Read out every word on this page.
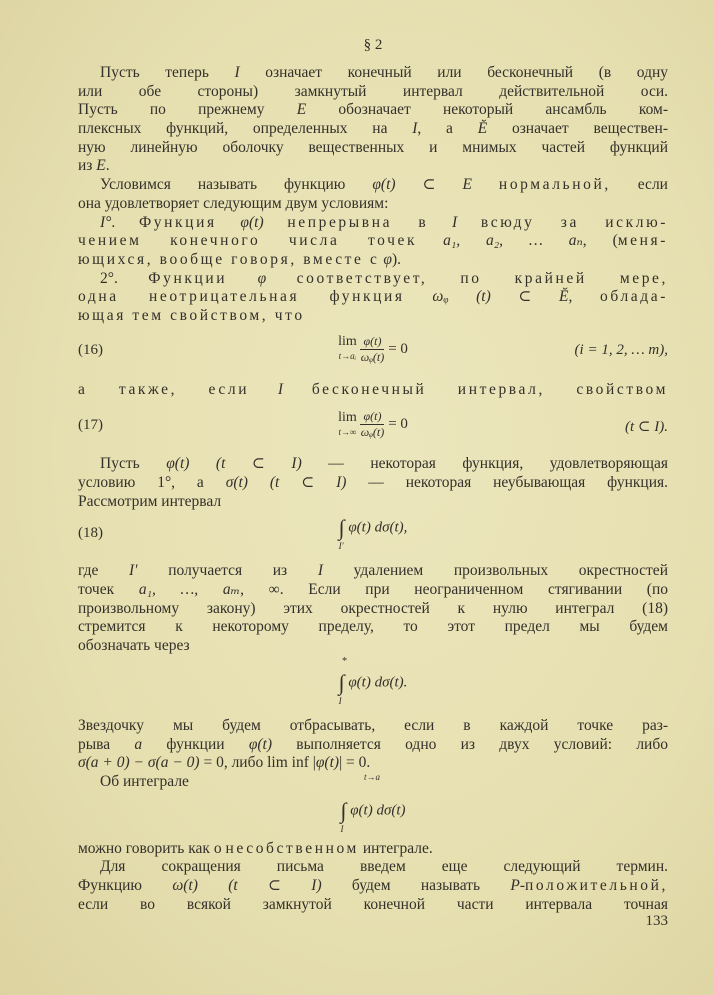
§ 2
Пусть теперь I означает конечный или бесконечный (в одну
или обе стороны) замкнутый интервал действительной оси.
Пусть по прежнему E обозначает некоторый ансамбль ком-
плексных функций, определенных на I, а Ĕ означает веществен-
ную линейную оболочку вещественных и мнимых частей функций
из E.
Условимся называть функцию φ(t) ⊂ E нормальной, если
она удовлетворяет следующим двум условиям:
I°. Функция φ(t) непрерывна в I всюду за исклю-
чением конечного числа точек a₁, a₂, … aₙ, (меня-
ющихся, вообще говоря, вместе с φ).
2°. Функции φ соответствует, по крайней мере,
одна неотрицательная функция ωᵩ (t) ⊂ Ĕ, облада-
ющая тем свойством, что
(16)	lim
t→aᵢ
$\frac{\varphi(t)}{\text{ωᵩ(t)}} = 0$	(i = 1, 2, … m),
а также, если I бесконечный интервал, свойством
(17)	lim
t→∞
$\frac{\varphi(t)}{\text{ωᵩ(t)}} = 0$	(t ⊂ I).
Пусть φ(t) (t ⊂ I) — некоторая функция, удовлетворяющая
условию 1°, а σ(t) (t ⊂ I) — некоторая неубывающая функция.
Рассмотрим интервал
(18)	∫
I′
φ(t) dσ(t),
где I′ получается из I удалением произвольных окрестностей
точек a₁, …, aₘ, ∞. Если при неограниченном стягивании (по
произвольному закону) этих окрестностей к нулю интеграл (18)
стремится к некоторому пределу, то этот предел мы будем
обозначать через
*
∫
I
φ(t) dσ(t).
Звездочку мы будем отбрасывать, если в каждой точке раз-
рыва a функции φ(t) выполняется одно из двух условий: либо
σ(a + 0) − σ(a − 0) = 0, либо lim inf |φ(t)| = 0.
Об интеграле	t→a
∫
I
φ(t) dσ(t)
можно говорить как о несобственном интеграле.
Для сокращения письма введем еще следующий термин.
Функцию ω(t) (t ⊂ I) будем называть P-положительной,
если во всякой замкнутой конечной части интервала точная
133
